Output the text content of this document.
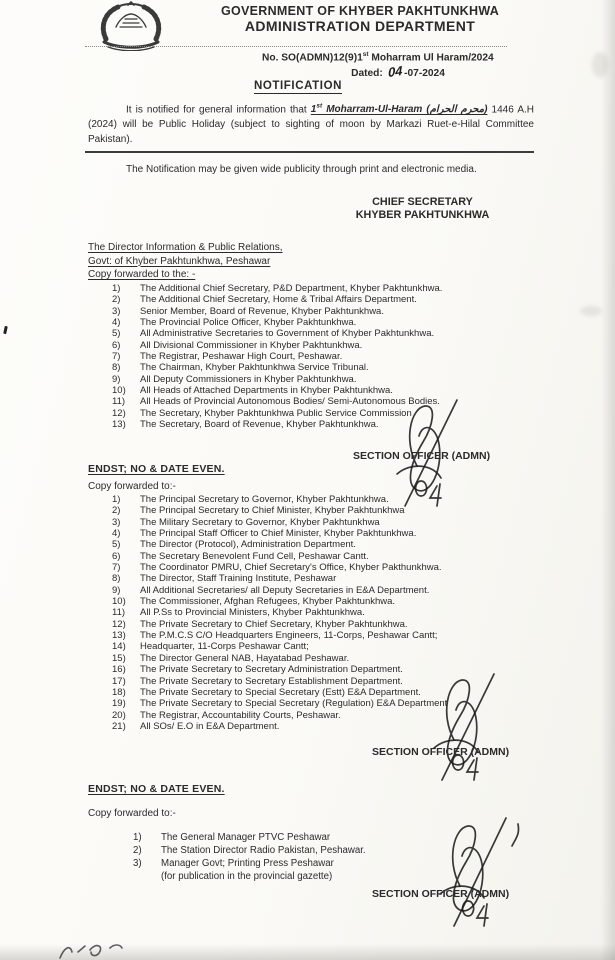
GOVERNMENT OF KHYBER PAKHTUNKHWA
ADMINISTRATION DEPARTMENT
No. SO(ADMN)12(9)1st Moharram Ul Haram/2024
Dated: 04 -07-2024
NOTIFICATION
It is notified for general information that 1st Moharram-Ul-Haram (محرم الحرام) 1446 A.H (2024) will be Public Holiday (subject to sighting of moon by Markazi Ruet-e-Hilal Committee Pakistan).
The Notification may be given wide publicity through print and electronic media.
CHIEF SECRETARY
KHYBER PAKHTUNKHWA
The Director Information & Public Relations,
Govt: of Khyber Pakhtunkhwa, Peshawar
Copy forwarded to the: -
1)	The Additional Chief Secretary, P&D Department, Khyber Pakhtunkhwa.
2)	The Additional Chief Secretary, Home & Tribal Affairs Department.
3)	Senior Member, Board of Revenue, Khyber Pakhtunkhwa.
4)	The Provincial Police Officer, Khyber Pakhtunkhwa.
5)	All Administrative Secretaries to Government of Khyber Pakhtunkhwa.
6)	All Divisional Commissioner in Khyber Pakhtunkhwa.
7)	The Registrar, Peshawar High Court, Peshawar.
8)	The Chairman, Khyber Pakhtunkhwa Service Tribunal.
9)	All Deputy Commissioners in Khyber Pakhtunkhwa.
10)	All Heads of Attached Departments in Khyber Pakhtunkhwa.
11)	All Heads of Provincial Autonomous Bodies/ Semi-Autonomous Bodies.
12)	The Secretary, Khyber Pakhtunkhwa Public Service Commission
13)	The Secretary, Board of Revenue, Khyber Pakhtunkhwa.
SECTION OFFICER (ADMN)
ENDST; NO & DATE EVEN.
Copy forwarded to:-
1)	The Principal Secretary to Governor, Khyber Pakhtunkhwa.
2)	The Principal Secretary to Chief Minister, Khyber Pakhtunkhwa
3)	The Military Secretary to Governor, Khyber Pakhtunkhwa
4)	The Principal Staff Officer to Chief Minister, Khyber Pakhtunkhwa.
5)	The Director (Protocol), Administration Department.
6)	The Secretary Benevolent Fund Cell, Peshawar Cantt.
7)	The Coordinator PMRU, Chief Secretary's Office, Khyber Pakthunkhwa.
8)	The Director, Staff Training Institute, Peshawar
9)	All Additional Secretaries/ all Deputy Secretaries in E&A Department.
10)	The Commissioner, Afghan Refugees, Khyber Pakhtunkhwa.
11)	All P.Ss to Provincial Ministers, Khyber Pakhtunkhwa.
12)	The Private Secretary to Chief Secretary, Khyber Pakhtunkhwa.
13)	The P.M.C.S C/O Headquarters Engineers, 11-Corps, Peshawar Cantt;
14)	Headquarter, 11-Corps Peshawar Cantt;
15)	The Director General NAB, Hayatabad Peshawar.
16)	The Private Secretary to Secretary Administration Department.
17)	The Private Secretary to Secretary Establishment Department.
18)	The Private Secretary to Special Secretary (Estt) E&A Department.
19)	The Private Secretary to Special Secretary (Regulation) E&A Department
20)	The Registrar, Accountability Courts, Peshawar.
21)	All SOs/ E.O in E&A Department.
SECTION OFFICER (ADMN)
ENDST; NO & DATE EVEN.
Copy forwarded to:-
1)	The General Manager PTVC Peshawar
2)	The Station Director Radio Pakistan, Peshawar.
3)	Manager Govt; Printing Press Peshawar
(for publication in the provincial gazette)
SECTION OFFICER (ADMN)
